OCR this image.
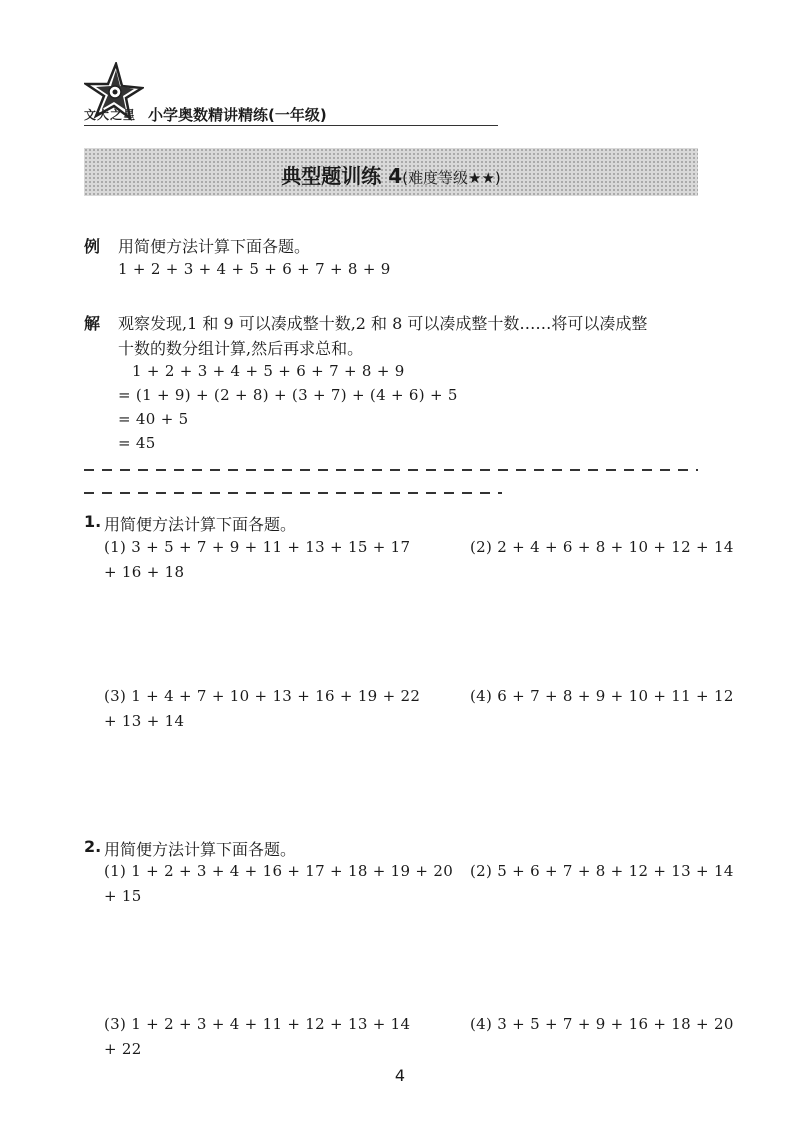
文大之星 小学奥数精讲精练(一年级)
典型题训练 4(难度等级★★)
例 用简便方法计算下面各题。
1 + 2 + 3 + 4 + 5 + 6 + 7 + 8 + 9
解 观察发现,1 和 9 可以凑成整十数,2 和 8 可以凑成整十数……将可以凑成整
十数的数分组计算,然后再求总和。
1 + 2 + 3 + 4 + 5 + 6 + 7 + 8 + 9
= (1 + 9) + (2 + 8) + (3 + 7) + (4 + 6) + 5
= 40 + 5
= 45
1. 用简便方法计算下面各题。
(1) 3 + 5 + 7 + 9 + 11 + 13 + 15 + 17
+ 16 + 18
(2) 2 + 4 + 6 + 8 + 10 + 12 + 14
(3) 1 + 4 + 7 + 10 + 13 + 16 + 19 + 22
+ 13 + 14
(4) 6 + 7 + 8 + 9 + 10 + 11 + 12
2. 用简便方法计算下面各题。
(1) 1 + 2 + 3 + 4 + 16 + 17 + 18 + 19 + 20
+ 15
(2) 5 + 6 + 7 + 8 + 12 + 13 + 14
(3) 1 + 2 + 3 + 4 + 11 + 12 + 13 + 14
+ 22
(4) 3 + 5 + 7 + 9 + 16 + 18 + 20
4
